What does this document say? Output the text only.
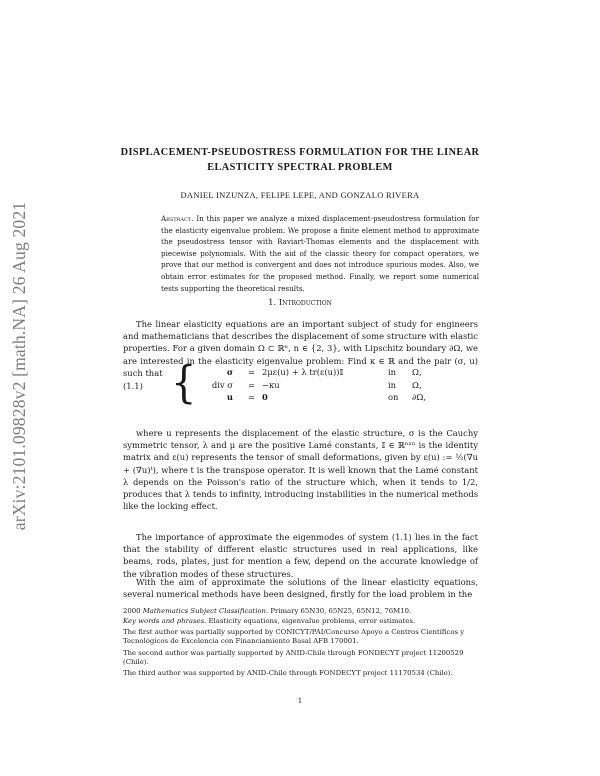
arXiv:2101.09828v2 [math.NA] 26 Aug 2021
DISPLACEMENT-PSEUDOSTRESS FORMULATION FOR THE LINEAR ELASTICITY SPECTRAL PROBLEM
DANIEL INZUNZA, FELIPE LEPE, AND GONZALO RIVERA
Abstract. In this paper we analyze a mixed displacement-pseudostress formulation for the elasticity eigenvalue problem. We propose a finite element method to approximate the pseudostress tensor with Raviart-Thomas elements and the displacement with piecewise polynomials. With the aid of the classic theory for compact operators, we prove that our method is convergent and does not introduce spurious modes. Also, we obtain error estimates for the proposed method. Finally, we report some numerical tests supporting the theoretical results.
1. Introduction
The linear elasticity equations are an important subject of study for engineers and mathematicians that describes the displacement of some structure with elastic properties. For a given domain Ω ⊂ ℝⁿ, n ∈ {2, 3}, with Lipschitz boundary ∂Ω, we are interested in the elasticity eigenvalue problem: Find κ ∈ ℝ and the pair (σ, u) such that
(1.1) {	σ = 2με(u) + λ tr(ε(u))𝕀	in Ω,
div σ = −κu	in Ω,
u = 0	on ∂Ω,
where u represents the displacement of the elastic structure, σ is the Cauchy symmetric tensor, λ and μ are the positive Lamé constants, 𝕀 ∈ ℝⁿˣⁿ is the identity matrix and ε(u) represents the tensor of small deformations, given by ε(u) := ½(∇u + (∇u)ᵗ), where t is the transpose operator. It is well known that the Lamé constant λ depends on the Poisson's ratio of the structure which, when it tends to 1/2, produces that λ tends to infinity, introducing instabilities in the numerical methods like the locking effect.
The importance of approximate the eigenmodes of system (1.1) lies in the fact that the stability of different elastic structures used in real applications, like beams, rods, plates, just for mention a few, depend on the accurate knowledge of the vibration modes of these structures.
With the aim of approximate the solutions of the linear elasticity equations, several numerical methods have been designed, firstly for the load problem in the
2000 Mathematics Subject Classification. Primary 65N30, 65N25, 65N12, 76M10.
Key words and phrases. Elasticity equations, eigenvalue problems, error estimates.
The first author was partially supported by CONICYT/PAI/Concurso Apoyo a Centros Científicos y Tecnológicos de Excelencia con Financiamiento Basal AFB 170001.
The second author was partially supported by ANID-Chile through FONDECYT project 11200529 (Chile).
The third author was supported by ANID-Chile through FONDECYT project 11170534 (Chile).
1
